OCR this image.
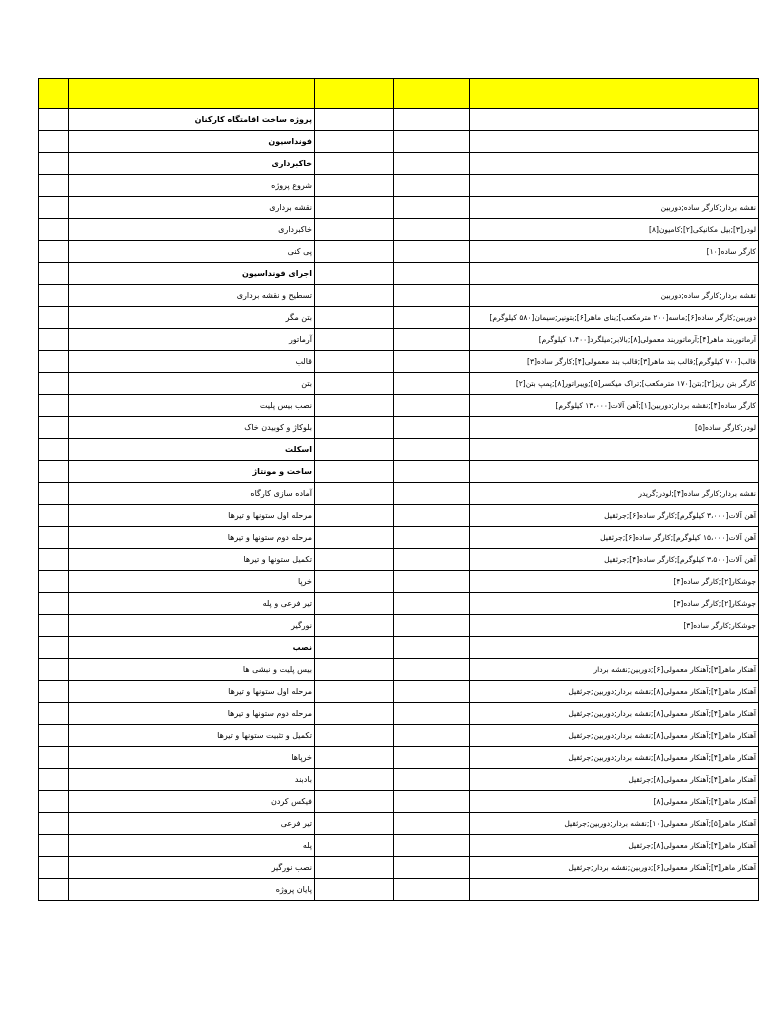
	پروژه ساخت اقامتگاه کارکنان			
	فونداسیون			
	خاکبرداری			
	شروع پروژه			
	نقشه برداری			نقشه بردار;کارگر ساده;دوربین
	خاکبرداری			لودر[۳];بیل مکانیکی[۲];کامیون[۸]
	پی کنی			کارگر ساده[۱۰]
	اجرای فونداسیون			
	تسطیح و نقشه برداری			نقشه بردار;کارگر ساده;دوربین
	بتن مگر			دوربین;کارگر ساده[۶];ماسه[۲۰۰ مترمکعب];بنای ماهر[۶];بتونیر;سیمان[۵۸۰ کیلوگرم]
	آرماتور			آرماتوربند ماهر[۴];آرماتوربند معمولی[۸];بالابر;میلگرد[۱،۴۰۰ کیلوگرم]
	قالب			قالب[۷۰۰ کیلوگرم];قالب بند ماهر[۳];قالب بند معمولی[۴];کارگر ساده[۳]
	بتن			کارگر بتن ریز[۲];بتن[۱۷۰ مترمکعب];تراک میکسر[۵];ویبراتور[۸];پمپ بتن[۲]
	نصب بیس پلیت			کارگر ساده[۴];نقشه بردار;دوربین[۱];آهن آلات[۱۳،۰۰۰ کیلوگرم]
	بلوکاژ و کوبیدن خاک			لودر;کارگر ساده[۵]
	اسکلت			
	ساخت و مونتاژ			
	آماده سازی کارگاه			نقشه بردار;کارگر ساده[۴];لودر;گریدر
	مرحله اول ستونها و تیرها			آهن آلات[۳،۰۰۰ کیلوگرم];کارگر ساده[۶];جرثقیل
	مرحله دوم ستونها و تیرها			آهن آلات[۱۵،۰۰۰ کیلوگرم];کارگر ساده[۶];جرثقیل
	تکمیل ستونها و تیرها			آهن آلات[۳،۵۰۰ کیلوگرم];کارگر ساده[۴];جرثقیل
	خرپا			جوشکار[۲];کارگر ساده[۴]
	تیر فرعی و پله			جوشکار[۲];کارگر ساده[۳]
	نورگیر			جوشکار;کارگر ساده[۳]
	نصب			
	بیس پلیت و نبشی ها			آهنکار ماهر[۳];آهنکار معمولی[۶];دوربین;نقشه بردار
	مرحله اول ستونها و تیرها			آهنکار ماهر[۴];آهنکار معمولی[۸];نقشه بردار;دوربین;جرثقیل
	مرحله دوم ستونها و تیرها			آهنکار ماهر[۴];آهنکار معمولی[۸];نقشه بردار;دوربین;جرثقیل
	تکمیل و تثبیت ستونها و تیرها			آهنکار ماهر[۴];آهنکار معمولی[۸];نقشه بردار;دوربین;جرثقیل
	خرپاها			آهنکار ماهر[۴];آهنکار معمولی[۸];نقشه بردار;دوربین;جرثقیل
	بادبند			آهنکار ماهر[۴];آهنکار معمولی[۸];جرثقیل
	فیکس کردن			آهنکار ماهر[۴];آهنکار معمولی[۸]
	تیر فرعی			آهنکار ماهر[۵];آهنکار معمولی[۱۰];نقشه بردار;دوربین;جرثقیل
	پله			آهنکار ماهر[۴];آهنکار معمولی[۸];جرثقیل
	نصب نورگیر			آهنکار ماهر[۳];آهنکار معمولی[۶];دوربین;نقشه بردار;جرثقیل
	پایان پروژه			
